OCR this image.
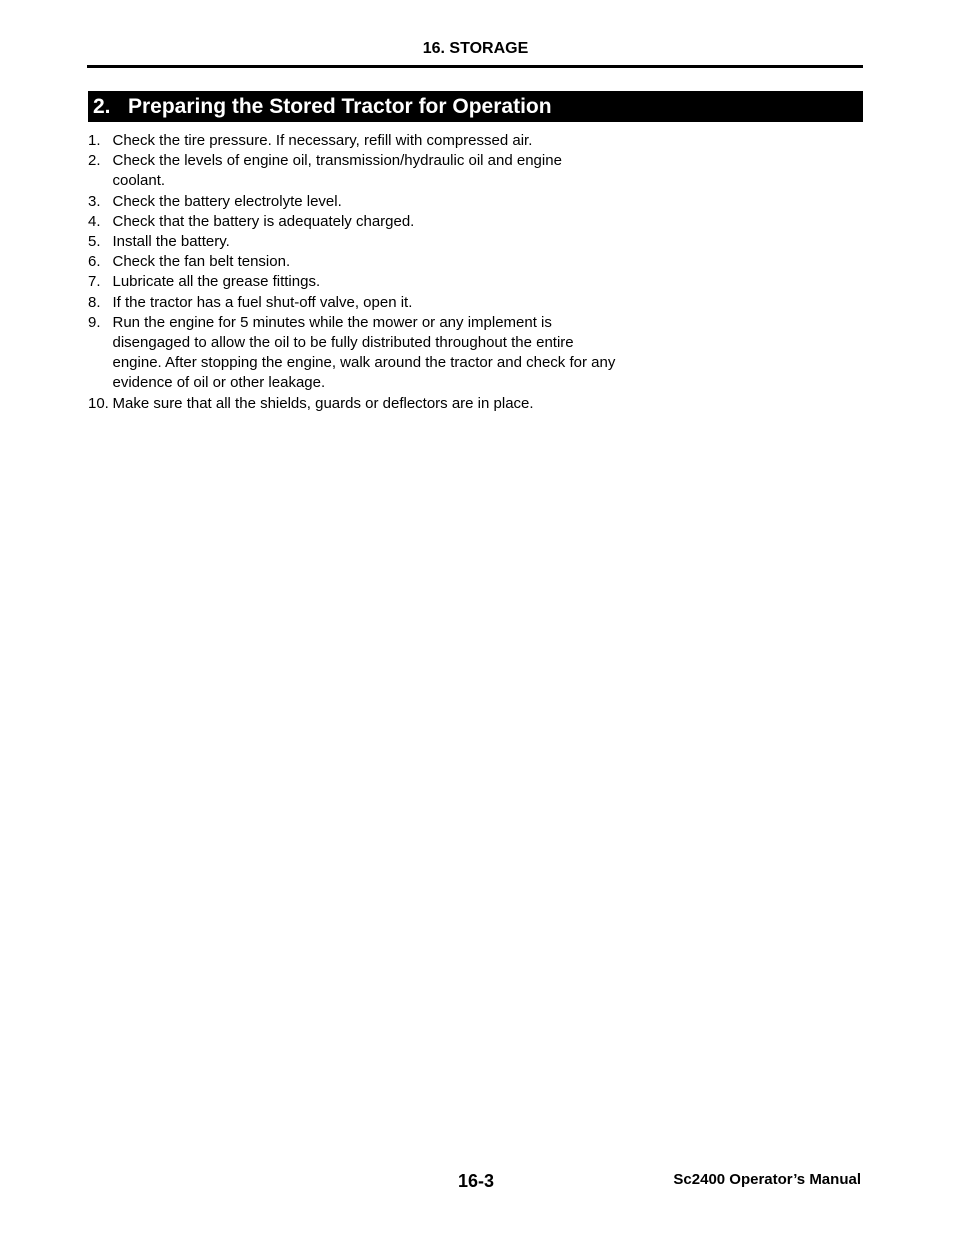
16. STORAGE
2. Preparing the Stored Tractor for Operation
1. Check the tire pressure. If necessary, refill with compressed air.
2. Check the levels of engine oil, transmission/hydraulic oil and engine coolant.
3. Check the battery electrolyte level.
4. Check that the battery is adequately charged.
5. Install the battery.
6. Check the fan belt tension.
7. Lubricate all the grease fittings.
8. If the tractor has a fuel shut-off valve, open it.
9. Run the engine for 5 minutes while the mower or any implement is disengaged to allow the oil to be fully distributed throughout the entire engine. After stopping the engine, walk around the tractor and check for any evidence of oil or other leakage.
10. Make sure that all the shields, guards or deflectors are in place.
16-3	Sc2400 Operator’s Manual
